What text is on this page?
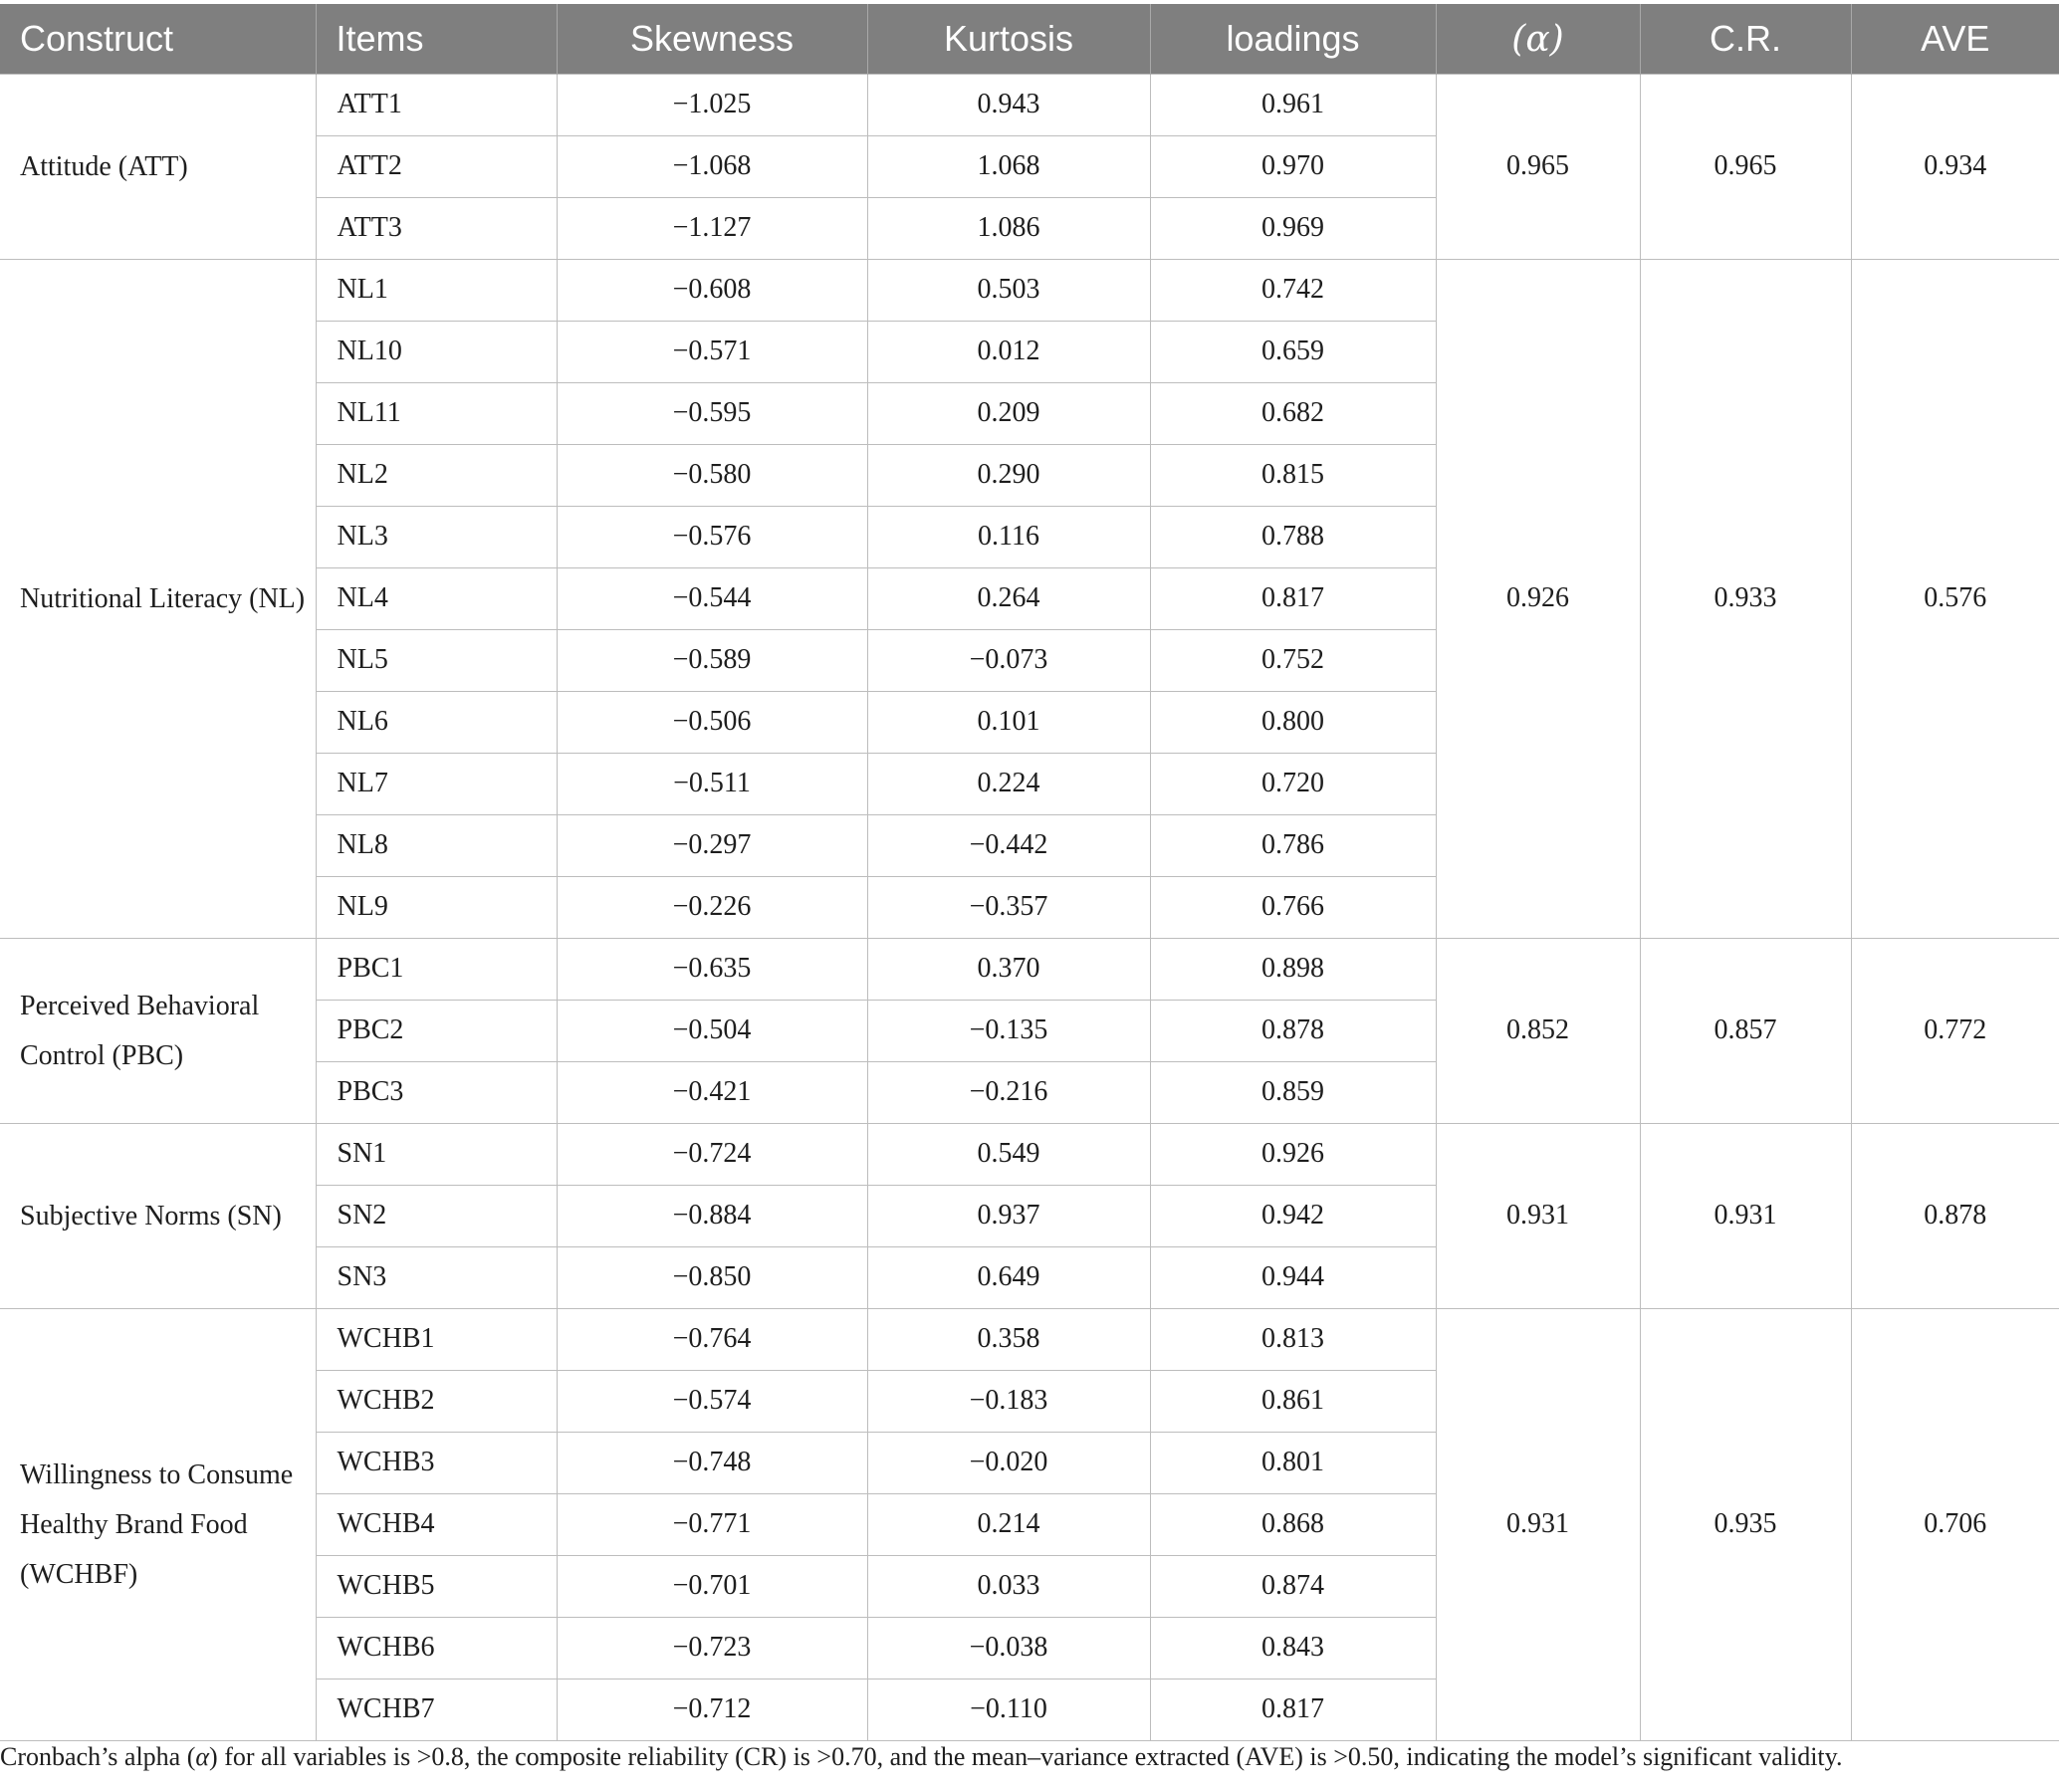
Construct	Items	Skewness	Kurtosis	loadings	(α)	C.R.	AVE
Attitude (ATT)	ATT1	−1.025	0.943	0.961	0.965	0.965	0.934
	ATT2	−1.068	1.068	0.970			
	ATT3	−1.127	1.086	0.969			
Nutritional Literacy (NL)	NL1	−0.608	0.503	0.742	0.926	0.933	0.576
	NL10	−0.571	0.012	0.659			
	NL11	−0.595	0.209	0.682			
	NL2	−0.580	0.290	0.815			
	NL3	−0.576	0.116	0.788			
	NL4	−0.544	0.264	0.817			
	NL5	−0.589	−0.073	0.752			
	NL6	−0.506	0.101	0.800			
	NL7	−0.511	0.224	0.720			
	NL8	−0.297	−0.442	0.786			
	NL9	−0.226	−0.357	0.766			
Perceived Behavioral Control (PBC)	PBC1	−0.635	0.370	0.898	0.852	0.857	0.772
	PBC2	−0.504	−0.135	0.878			
	PBC3	−0.421	−0.216	0.859			
Subjective Norms (SN)	SN1	−0.724	0.549	0.926	0.931	0.931	0.878
	SN2	−0.884	0.937	0.942			
	SN3	−0.850	0.649	0.944			
Willingness to Consume Healthy Brand Food (WCHBF)	WCHB1	−0.764	0.358	0.813	0.931	0.935	0.706
	WCHB2	−0.574	−0.183	0.861			
	WCHB3	−0.748	−0.020	0.801			
	WCHB4	−0.771	0.214	0.868			
	WCHB5	−0.701	0.033	0.874			
	WCHB6	−0.723	−0.038	0.843			
	WCHB7	−0.712	−0.110	0.817			
Cronbach’s alpha (α) for all variables is >0.8, the composite reliability (CR) is >0.70, and the mean–variance extracted (AVE) is >0.50, indicating the model’s significant validity.
